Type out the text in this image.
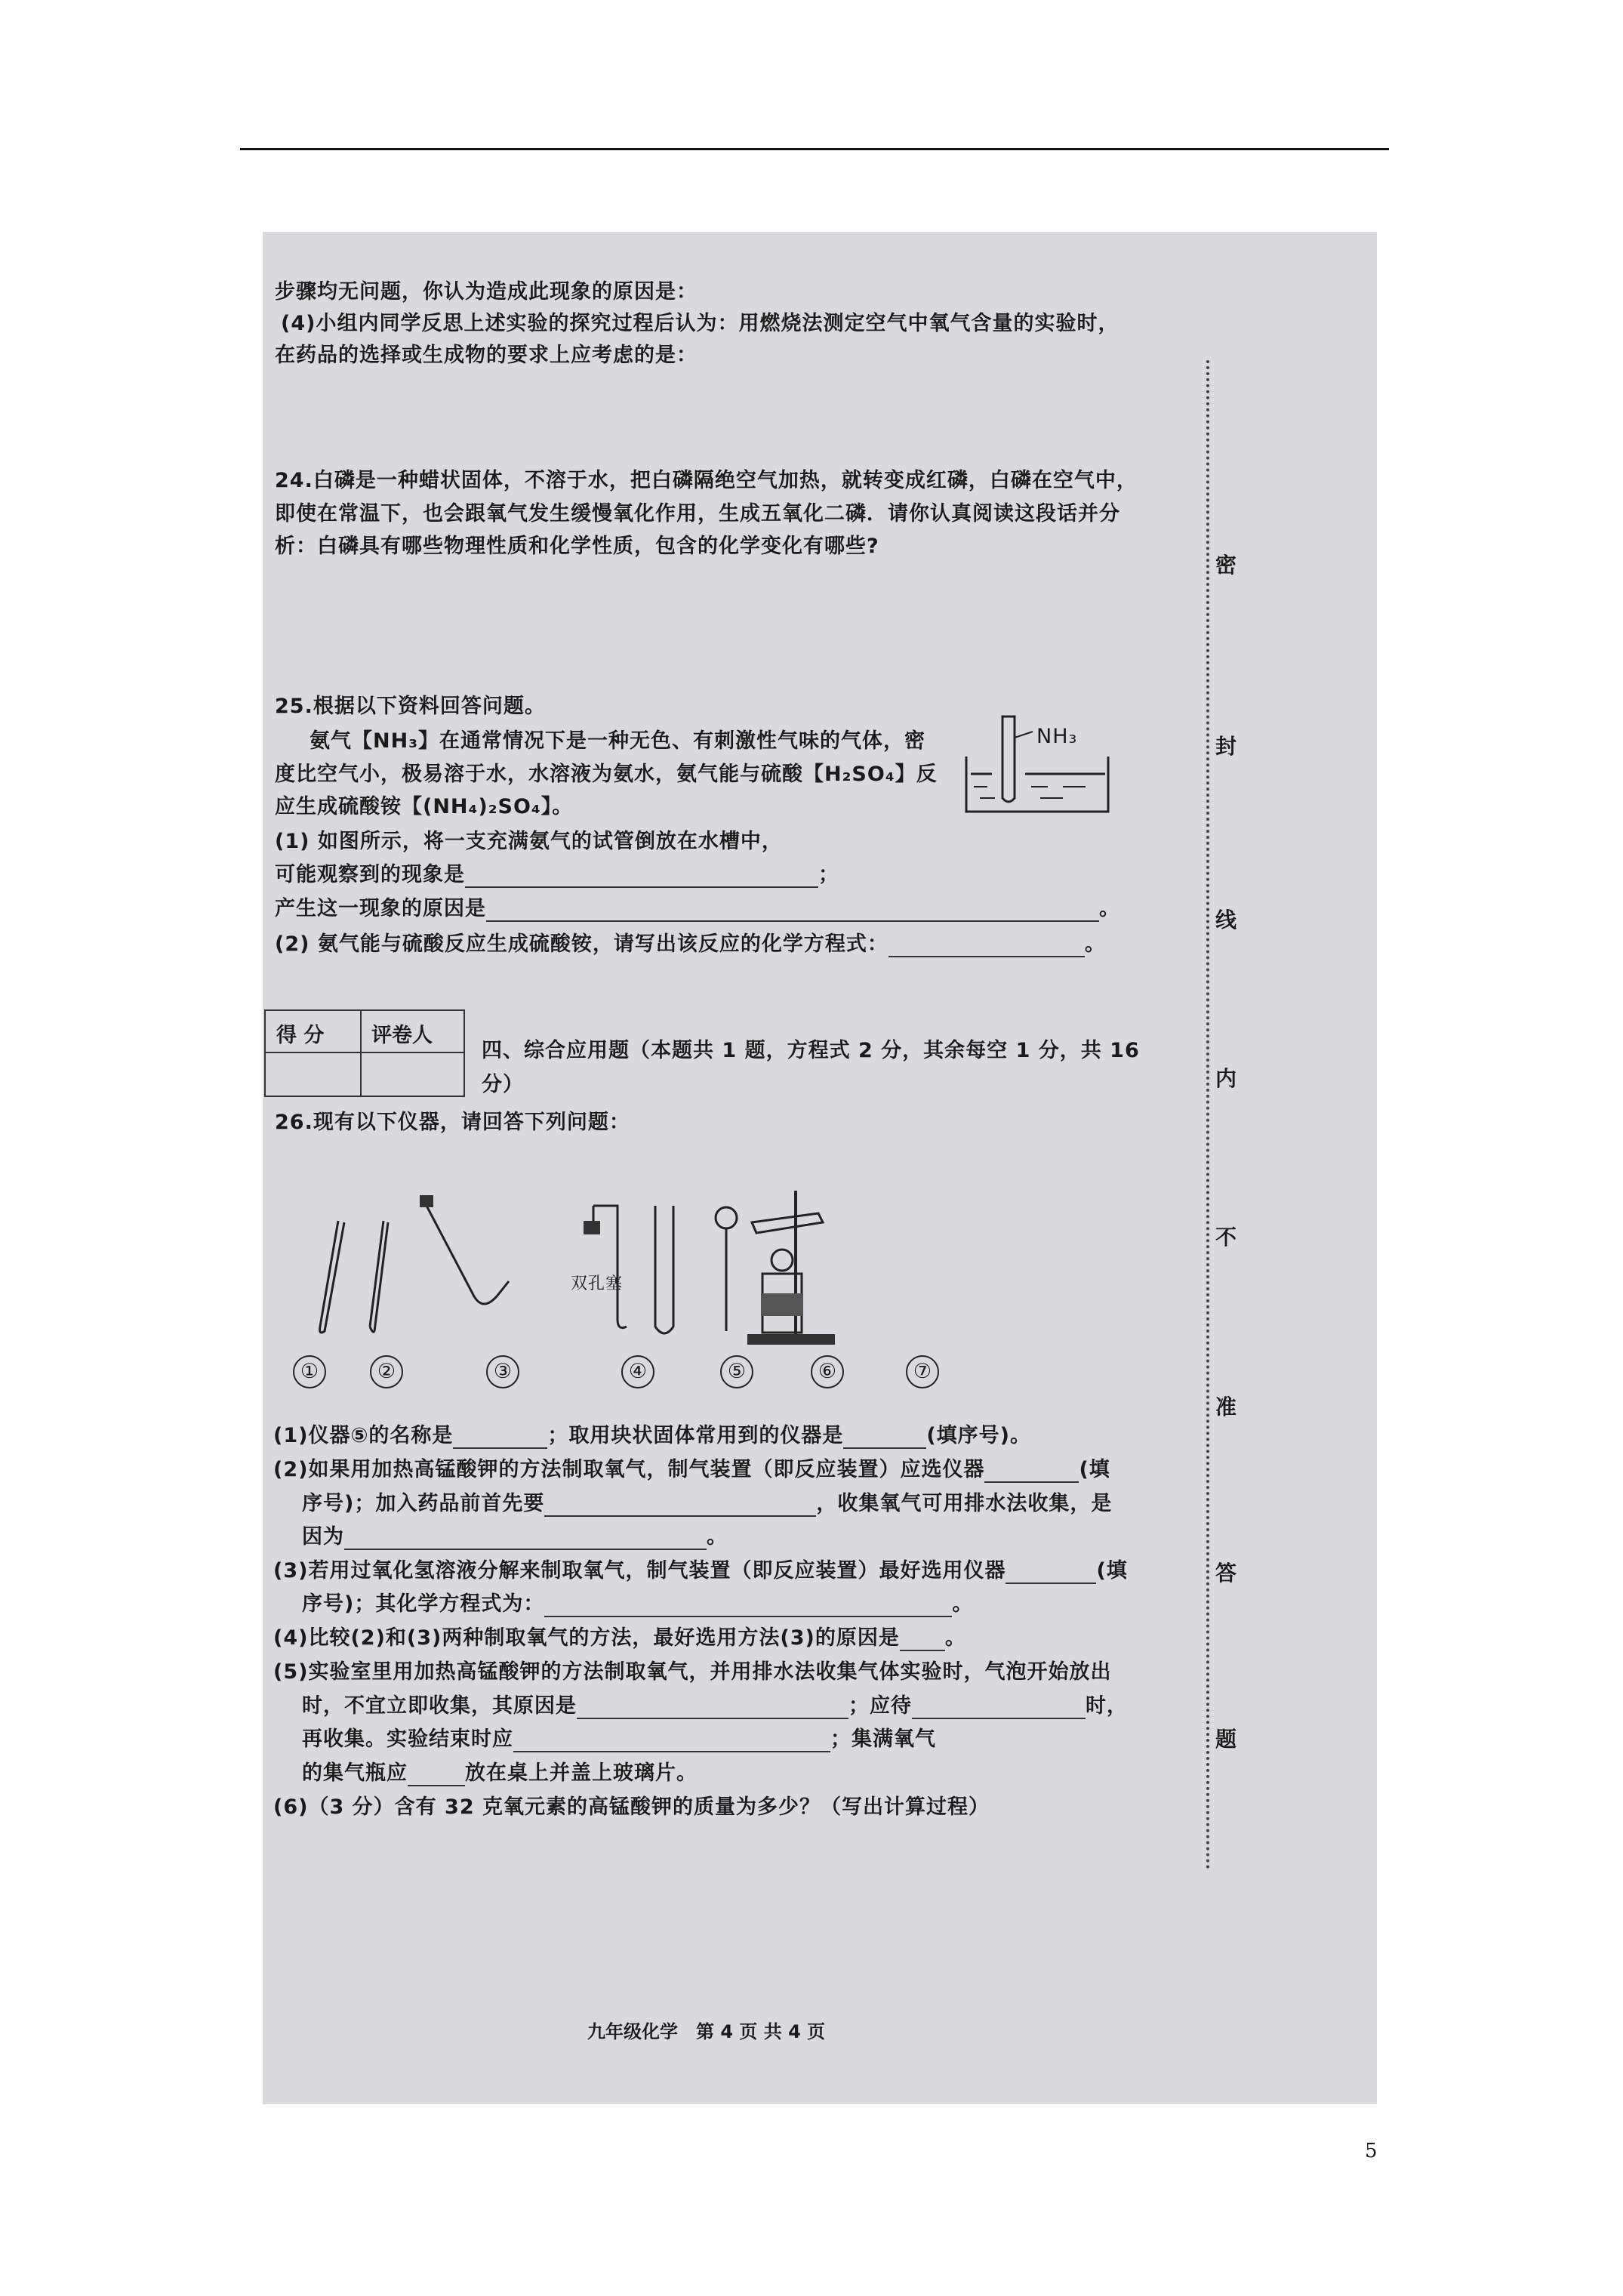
步骤均无问题，你认为造成此现象的原因是：
(4)小组内同学反思上述实验的探究过程后认为：用燃烧法测定空气中氧气含量的实验时，
在药品的选择或生成物的要求上应考虑的是：
24.白磷是一种蜡状固体，不溶于水，把白磷隔绝空气加热，就转变成红磷，白磷在空气中，
即使在常温下，也会跟氧气发生缓慢氧化作用，生成五氧化二磷．请你认真阅读这段话并分
析：白磷具有哪些物理性质和化学性质，包含的化学变化有哪些?
25.根据以下资料回答问题。
氨气【NH₃】在通常情况下是一种无色、有刺激性气味的气体，密
度比空气小，极易溶于水，水溶液为氨水，氨气能与硫酸【H₂SO₄】反
应生成硫酸铵【(NH₄)₂SO₄】。
(1) 如图所示，将一支充满氨气的试管倒放在水槽中，
可能观察到的现象是	；
产生这一现象的原因是	。
(2) 氨气能与硫酸反应生成硫酸铵，请写出该反应的化学方程式：	。
NH₃
四、综合应用题（本题共 1 题，方程式 2 分，其余每空 1 分，共 16
分）
26.现有以下仪器，请回答下列问题：
双孔塞
①	②	③	④	⑤	⑥	⑦
(1)仪器⑤的名称是	；取用块状固体常用到的仪器是	(填序号)。
(2)如果用加热高锰酸钾的方法制取氧气，制气装置（即反应装置）应选仪器	(填
序号)；加入药品前首先要	，收集氧气可用排水法收集，是
因为	。
(3)若用过氧化氢溶液分解来制取氧气，制气装置（即反应装置）最好选用仪器	(填
序号)；其化学方程式为：	。
(4)比较(2)和(3)两种制取氧气的方法，最好选用方法(3)的原因是 。
(5)实验室里用加热高锰酸钾的方法制取氧气，并用排水法收集气体实验时，气泡开始放出
时，不宜立即收集，其原因是	；应待	时，
再收集。实验结束时应	；集满氧气
的集气瓶应	放在桌上并盖上玻璃片。
(6)（3 分）含有 32 克氧元素的高锰酸钾的质量为多少？（写出计算过程）
九年级化学　第 4 页 共 4 页
密
封
线
内
不
准
答
题
得 分 评卷人
5
